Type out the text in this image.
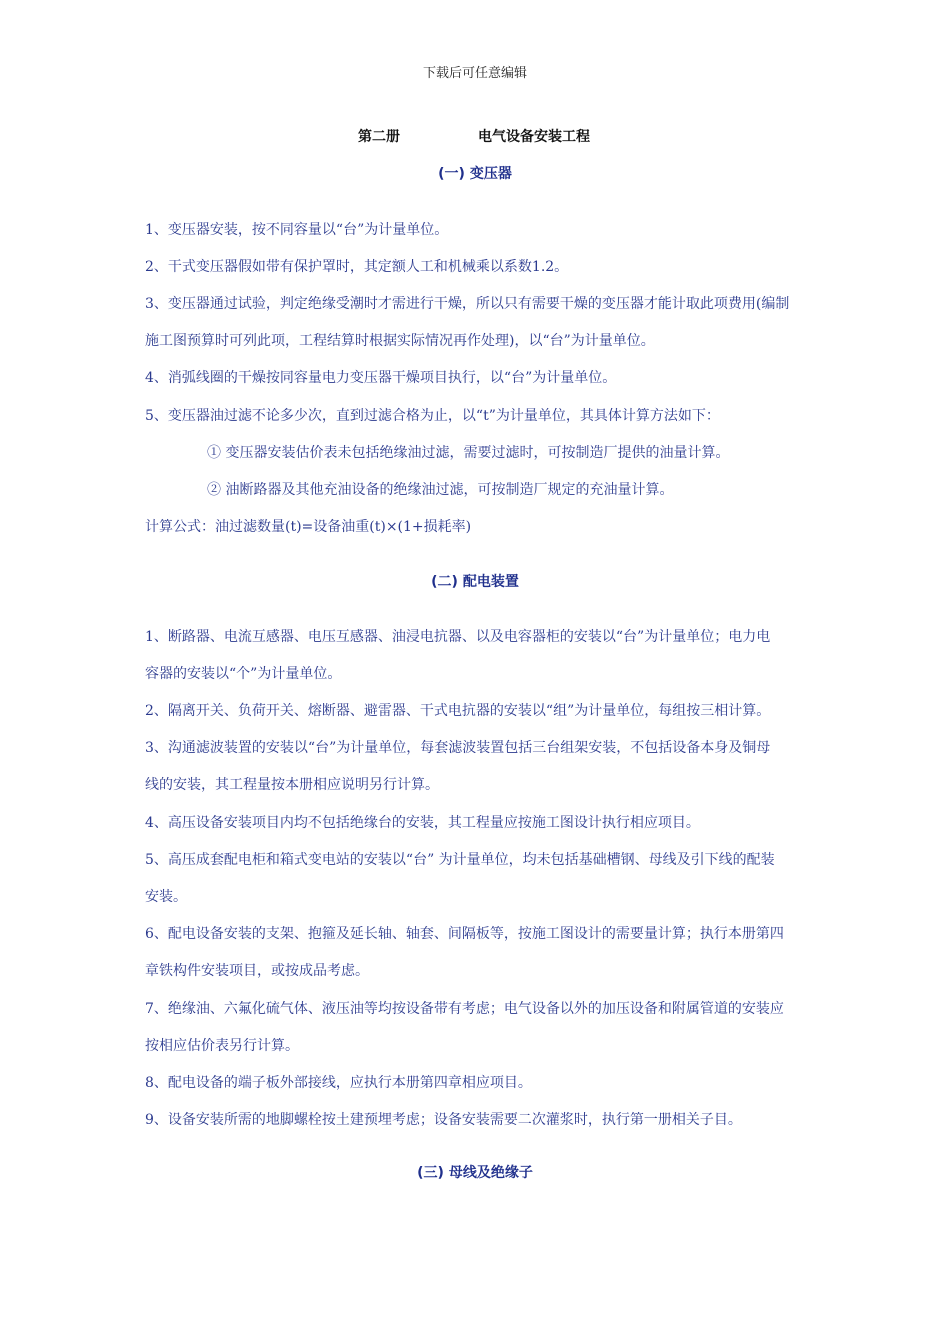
下载后可任意编辑
第二册	电气设备安装工程
(一) 变压器
1、变压器安装，按不同容量以“台”为计量单位。
2、干式变压器假如带有保护罩时，其定额人工和机械乘以系数1.2。
3、变压器通过试验，判定绝缘受潮时才需进行干燥，所以只有需要干燥的变压器才能计取此项费用(编制
施工图预算时可列此项，工程结算时根据实际情况再作处理)，以“台”为计量单位。
4、消弧线圈的干燥按同容量电力变压器干燥项目执行，以“台”为计量单位。
5、变压器油过滤不论多少次，直到过滤合格为止，以“t”为计量单位，其具体计算方法如下：
① 变压器安装估价表未包括绝缘油过滤，需要过滤时，可按制造厂提供的油量计算。
② 油断路器及其他充油设备的绝缘油过滤，可按制造厂规定的充油量计算。
计算公式：油过滤数量(t)=设备油重(t)×(1+损耗率)
(二) 配电装置
1、断路器、电流互感器、电压互感器、油浸电抗器、以及电容器柜的安装以“台”为计量单位；电力电
容器的安装以“个”为计量单位。
2、隔离开关、负荷开关、熔断器、避雷器、干式电抗器的安装以“组”为计量单位，每组按三相计算。
3、沟通滤波装置的安装以“台”为计量单位，每套滤波装置包括三台组架安装，不包括设备本身及铜母
线的安装，其工程量按本册相应说明另行计算。
4、高压设备安装项目内均不包括绝缘台的安装，其工程量应按施工图设计执行相应项目。
5、高压成套配电柜和箱式变电站的安装以“台” 为计量单位，均未包括基础槽钢、母线及引下线的配装
安装。
6、配电设备安装的支架、抱箍及延长轴、轴套、间隔板等，按施工图设计的需要量计算；执行本册第四
章铁构件安装项目，或按成品考虑。
7、绝缘油、六氟化硫气体、液压油等均按设备带有考虑；电气设备以外的加压设备和附属管道的安装应
按相应估价表另行计算。
8、配电设备的端子板外部接线，应执行本册第四章相应项目。
9、设备安装所需的地脚螺栓按土建预埋考虑；设备安装需要二次灌浆时，执行第一册相关子目。
(三) 母线及绝缘子
